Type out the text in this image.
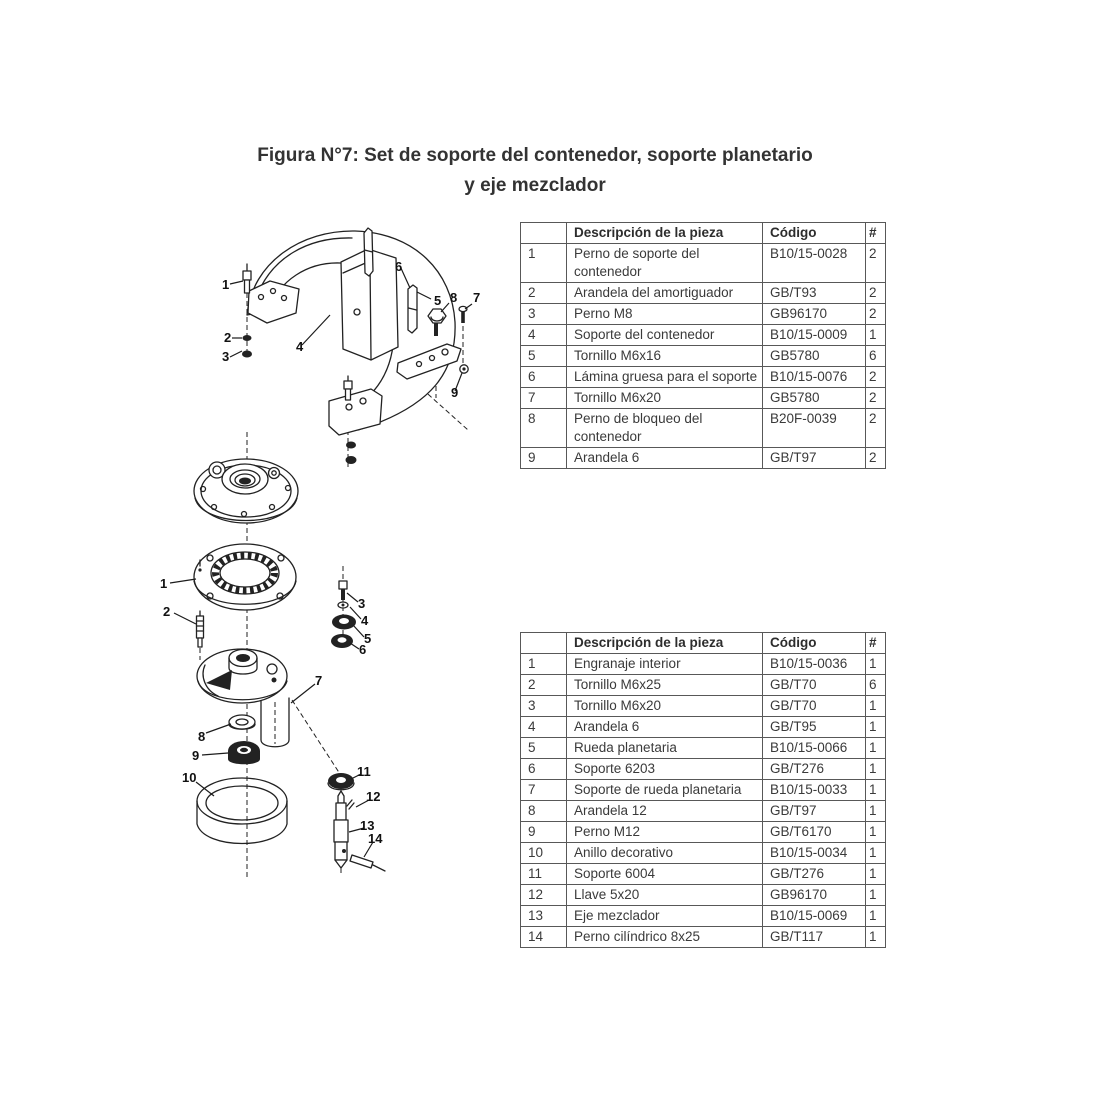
Figura N°7: Set de soporte del contenedor, soporte planetario
y eje mezclador
1
2
3
4
5
6
7
8
9
1
2
3
4
5
6
7
8
9
10	11
12
13
14
	Descripción de la pieza	Código	#
1	Perno de soporte del contenedor	B10/15-0028	2
2	Arandela del amortiguador	GB/T93	2
3	Perno M8	GB96170	2
4	Soporte del contenedor	B10/15-0009	1
5	Tornillo M6x16	GB5780	6
6	Lámina gruesa para el soporte	B10/15-0076	2
7	Tornillo M6x20	GB5780	2
8	Perno de bloqueo del contenedor	B20F-0039	2
9	Arandela 6	GB/T97	2
	Descripción de la pieza	Código	#
1	Engranaje interior	B10/15-0036	1
2	Tornillo M6x25	GB/T70	6
3	Tornillo M6x20	GB/T70	1
4	Arandela 6	GB/T95	1
5	Rueda planetaria	B10/15-0066	1
6	Soporte 6203	GB/T276	1
7	Soporte de rueda planetaria	B10/15-0033	1
8	Arandela 12	GB/T97	1
9	Perno M12	GB/T6170	1
10	Anillo decorativo	B10/15-0034	1
11	Soporte 6004	GB/T276	1
12	Llave 5x20	GB96170	1
13	Eje mezclador	B10/15-0069	1
14	Perno cilíndrico 8x25	GB/T117	1
